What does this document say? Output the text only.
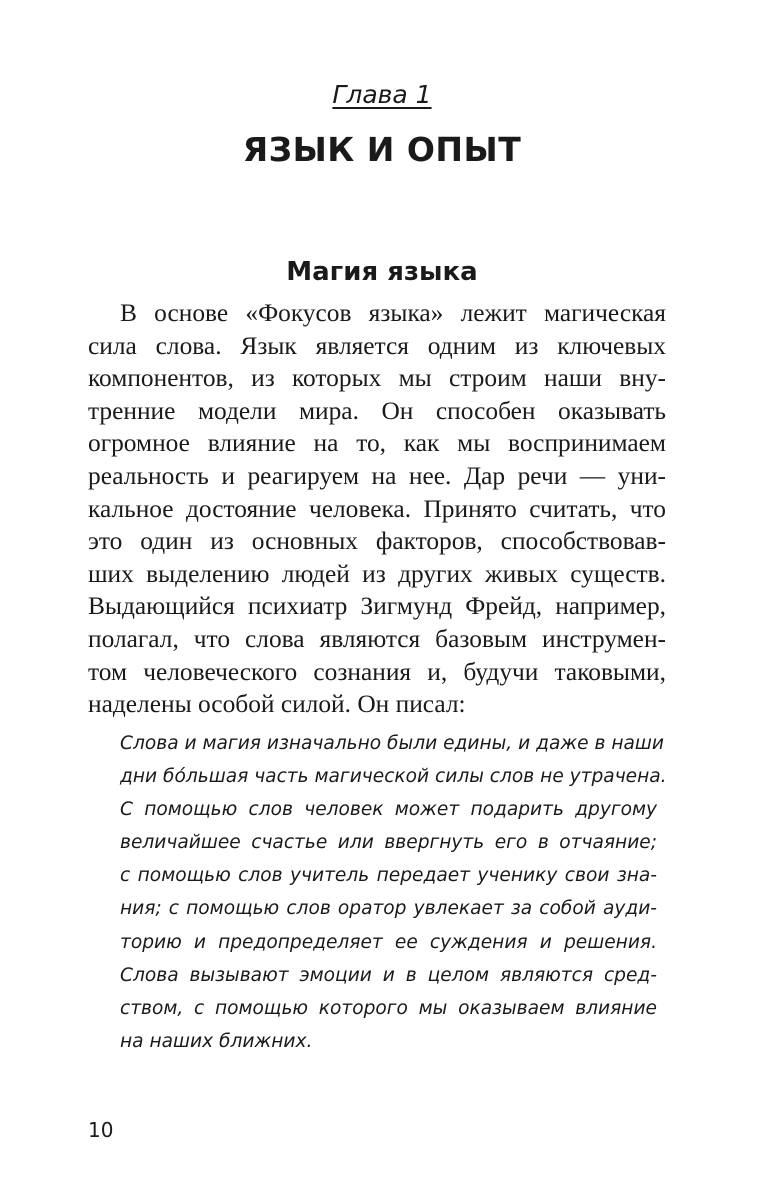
Глава 1
ЯЗЫК И ОПЫТ
Магия языка
В основе «Фокусов языка» лежит магическая
сила слова. Язык является одним из ключевых
компонентов, из которых мы строим наши вну-
тренние модели мира. Он способен оказывать
огромное влияние на то, как мы воспринимаем
реальность и реагируем на нее. Дар речи — уни-
кальное достояние человека. Принято считать, что
это один из основных факторов, способствовав-
ших выделению людей из других живых существ.
Выдающийся психиатр Зигмунд Фрейд, например,
полагал, что слова являются базовым инструмен-
том человеческого сознания и, будучи таковыми,
наделены особой силой. Он писал:
Слова и магия изначально были едины, и даже в наши
дни бóльшая часть магической силы слов не утрачена.
С помощью слов человек может подарить другому
величайшее счастье или ввергнуть его в отчаяние;
с помощью слов учитель передает ученику свои зна-
ния; с помощью слов оратор увлекает за собой ауди-
торию и предопределяет ее суждения и решения.
Слова вызывают эмоции и в целом являются сред-
ством, с помощью которого мы оказываем влияние
на наших ближних.
10
